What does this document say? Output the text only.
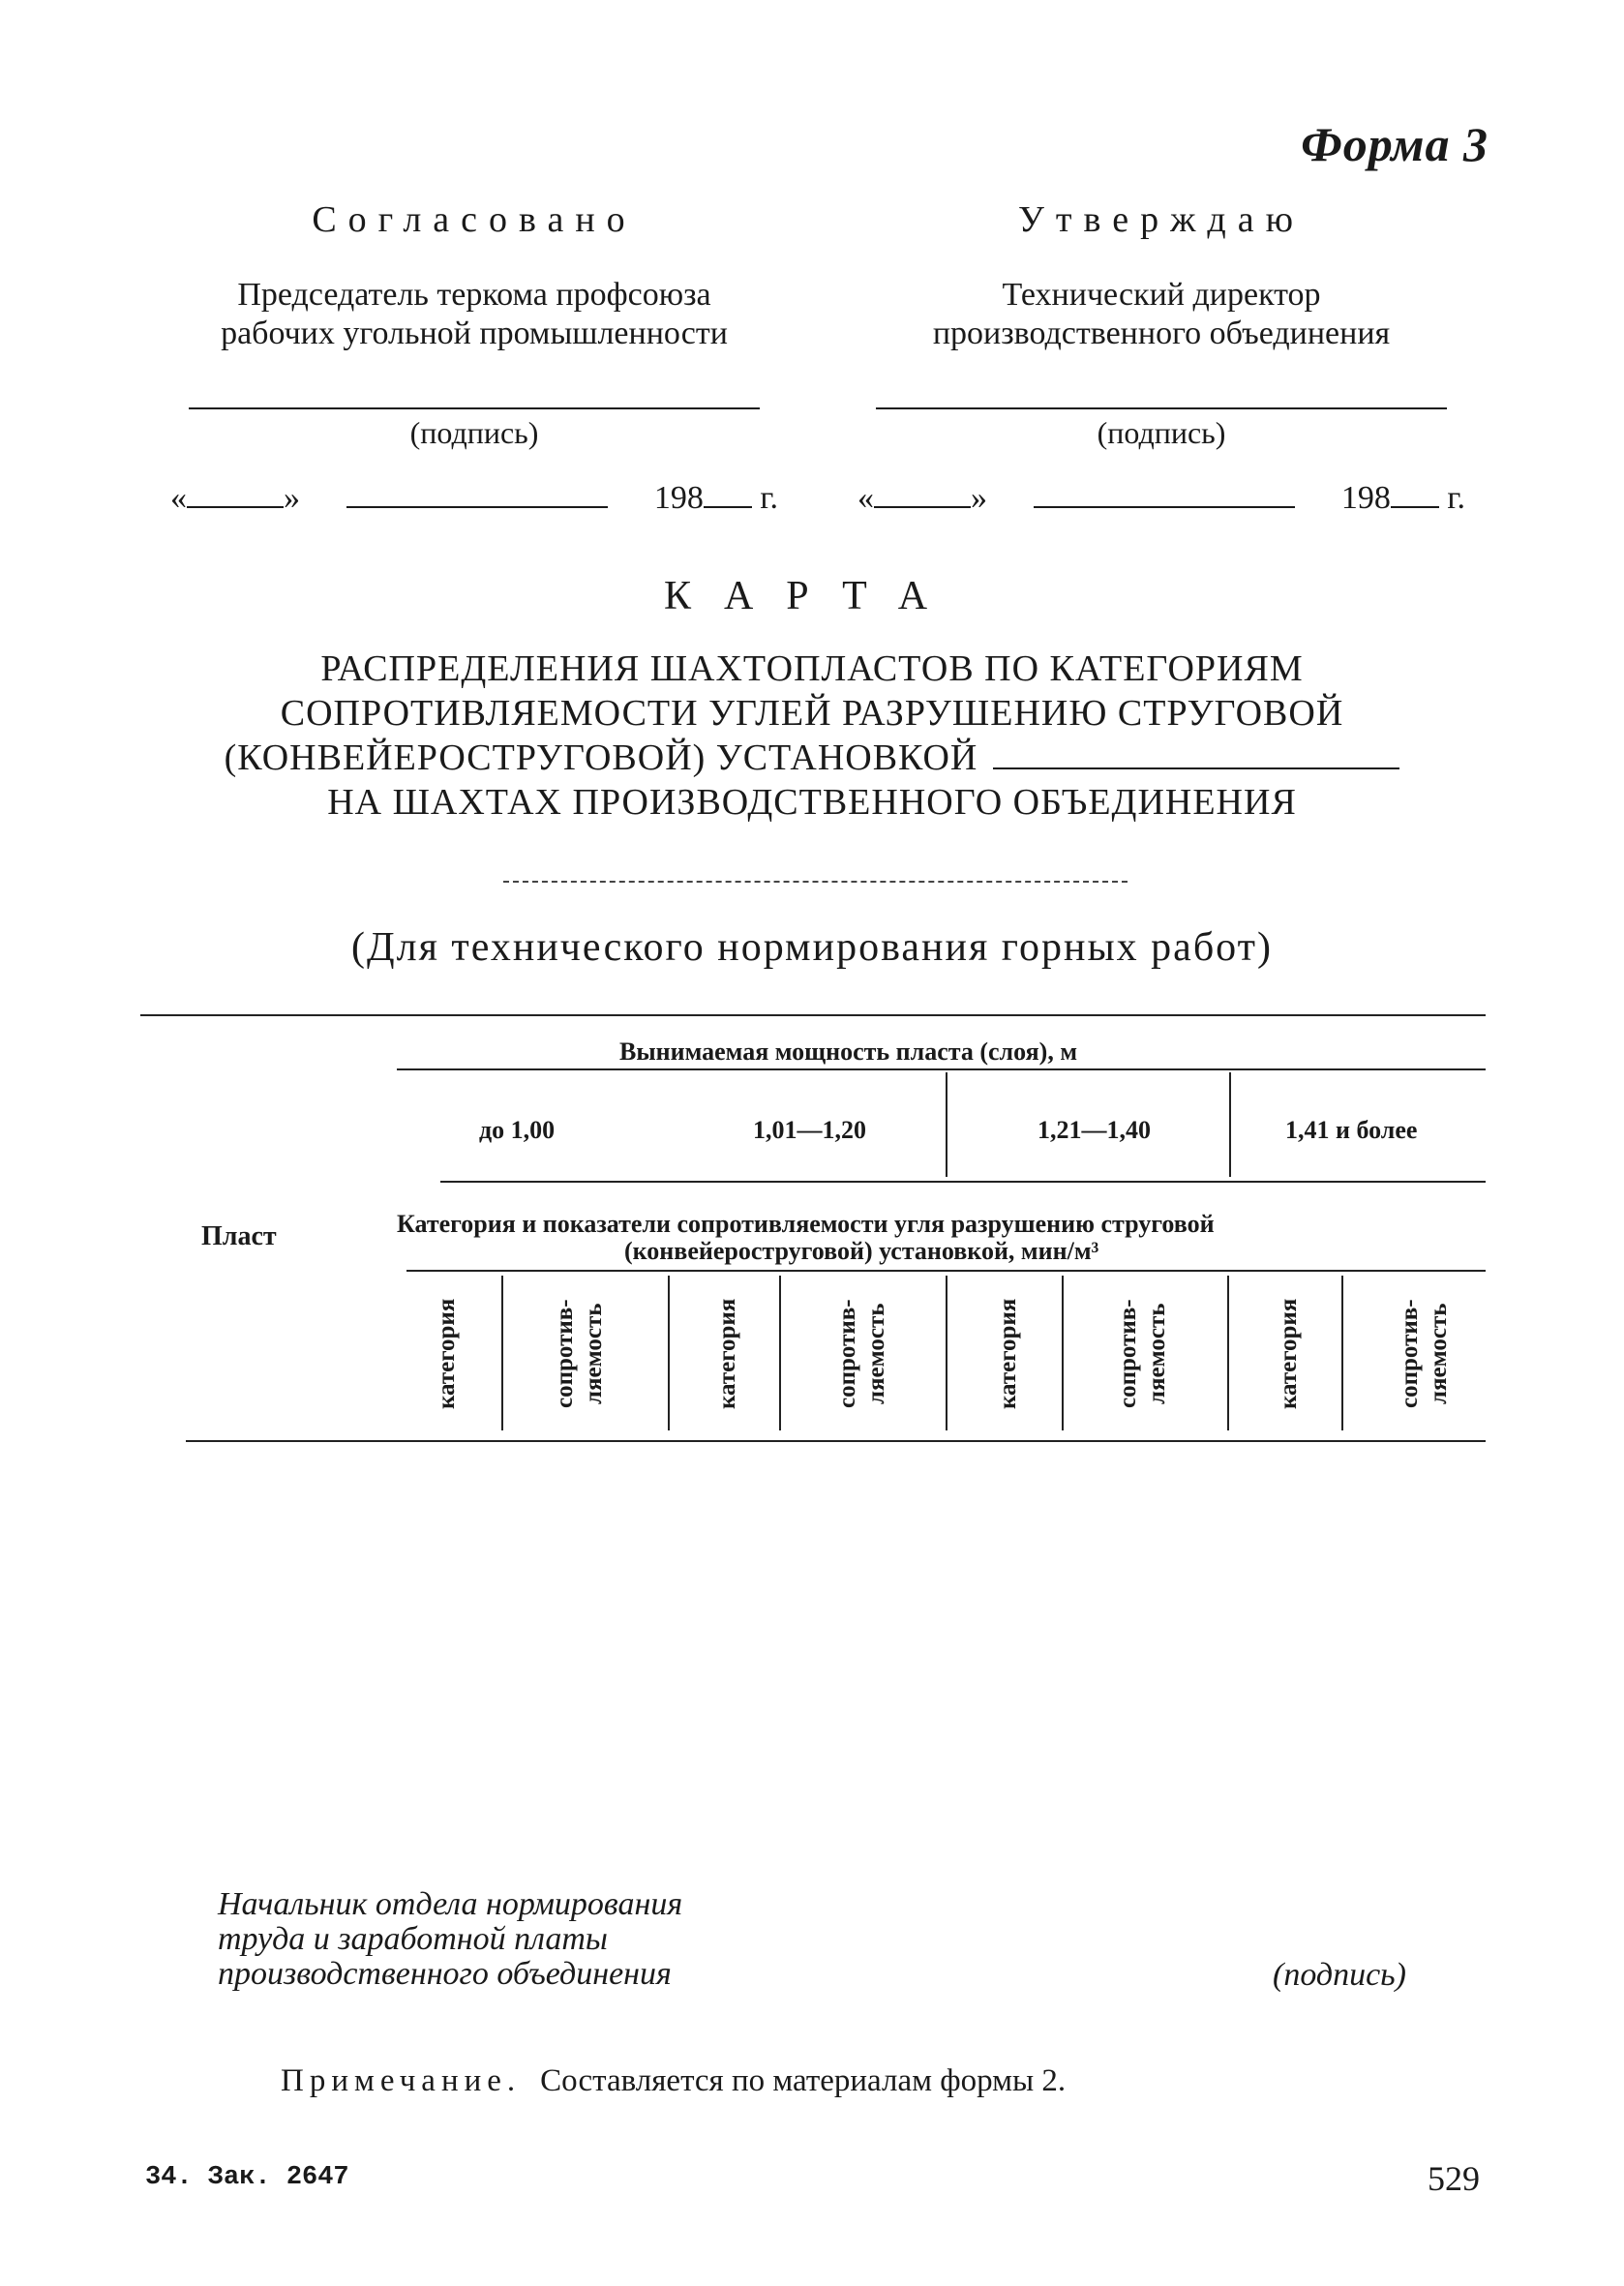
Форма 3
Согласовано
Председатель теркома профсоюза
рабочих угольной промышленности
(подпись)
«	»	198 г.
Утверждаю
Технический директор
производственного объединения
(подпись)
«	»	198 г.
КАРТА
РАСПРЕДЕЛЕНИЯ ШАХТОПЛАСТОВ ПО КАТЕГОРИЯМ
СОПРОТИВЛЯЕМОСТИ УГЛЕЙ РАЗРУШЕНИЮ СТРУГОВОЙ
(КОНВЕЙЕРОСТРУГОВОЙ) УСТАНОВКОЙ
НА ШАХТАХ ПРОИЗВОДСТВЕННОГО ОБЪЕДИНЕНИЯ
(Для технического нормирования горных работ)
Вынимаемая мощность пласта (слоя), м
до 1,00	1,01—1,20	1,21—1,40	1,41 и более
Пласт	Категория и показатели сопротивляемости угля разрушению струговой
(конвейероструговой) установкой, мин/м³
категория	сопротив- ляемость	категория	сопротив- ляемость	категория	сопротив- ляемость	категория	сопротив- ляемость
Начальник отдела нормирования
труда и заработной платы
производственного объединения	(подпись)
Примечание. Составляется по материалам формы 2.
34. Зак. 2647	529
